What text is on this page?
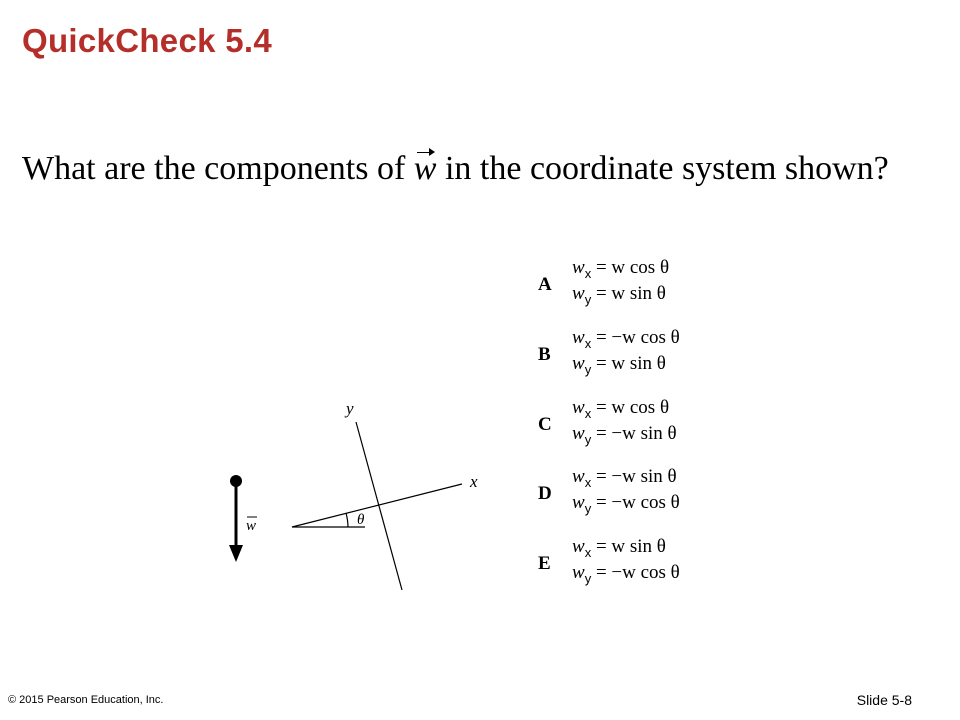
QuickCheck 5.4
What are the components of w in the coordinate system shown?
w
x
y
θ
A
$w_x = w$ cos θ
$w_y = w$ sin θ
B
$w_x = -w$ cos θ
$w_y = w$ sin θ
C
$w_x = w$ cos θ
$w_y = -w$ sin θ
D
$w_x = -w$ sin θ
$w_y = -w$ cos θ
E
$w_x = w$ sin θ
$w_y = -w$ cos θ
© 2015 Pearson Education, Inc.	Slide 5-8
